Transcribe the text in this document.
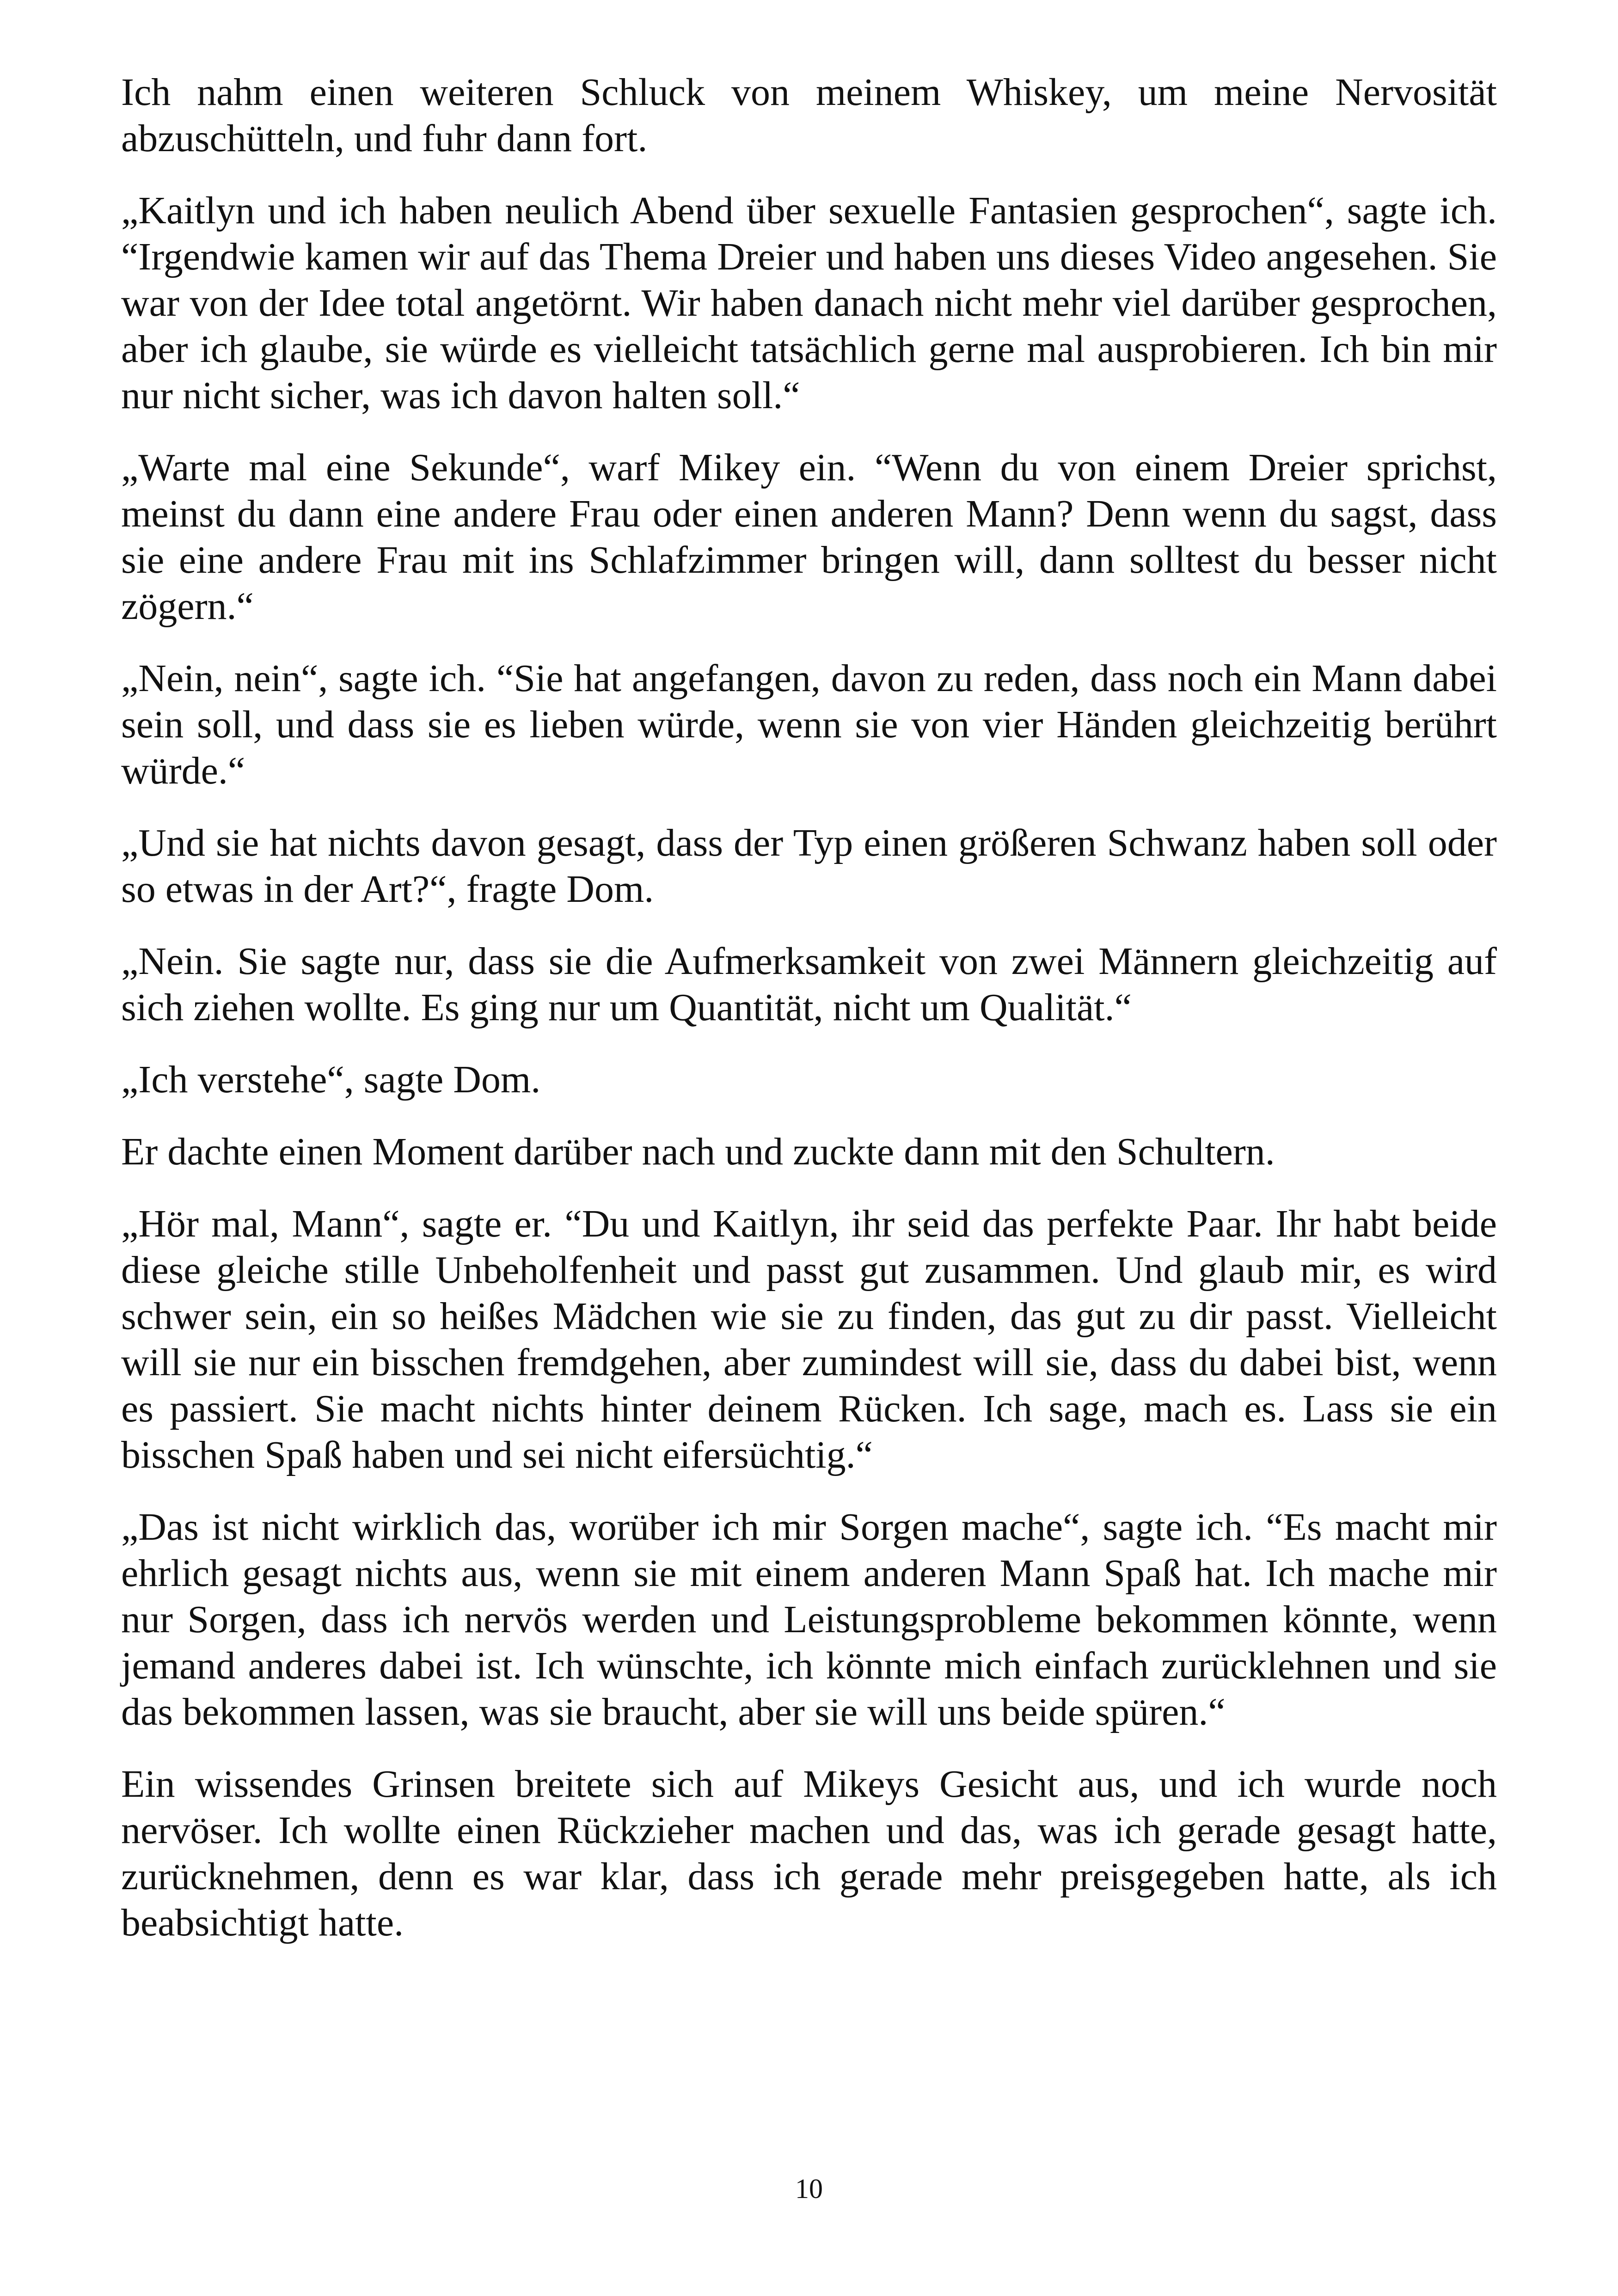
Ich nahm einen weiteren Schluck von meinem Whiskey, um meine Nervosität abzuschütteln, und fuhr dann fort.

„Kaitlyn und ich haben neulich Abend über sexuelle Fantasien gesprochen“, sagte ich. “Irgendwie kamen wir auf das Thema Dreier und haben uns dieses Video angesehen. Sie war von der Idee total angetörnt. Wir haben danach nicht mehr viel darüber gesprochen, aber ich glaube, sie würde es vielleicht tatsächlich gerne mal ausprobieren. Ich bin mir nur nicht sicher, was ich davon halten soll.“

„Warte mal eine Sekunde“, warf Mikey ein. “Wenn du von einem Dreier sprichst, meinst du dann eine andere Frau oder einen anderen Mann? Denn wenn du sagst, dass sie eine andere Frau mit ins Schlafzimmer bringen will, dann solltest du besser nicht zögern.“

„Nein, nein“, sagte ich. “Sie hat angefangen, davon zu reden, dass noch ein Mann dabei sein soll, und dass sie es lieben würde, wenn sie von vier Händen gleichzeitig berührt würde.“

„Und sie hat nichts davon gesagt, dass der Typ einen größeren Schwanz haben soll oder so etwas in der Art?“, fragte Dom.

„Nein. Sie sagte nur, dass sie die Aufmerksamkeit von zwei Männern gleichzeitig auf sich ziehen wollte. Es ging nur um Quantität, nicht um Qualität.“

„Ich verstehe“, sagte Dom.

Er dachte einen Moment darüber nach und zuckte dann mit den Schultern.

„Hör mal, Mann“, sagte er. “Du und Kaitlyn, ihr seid das perfekte Paar. Ihr habt beide diese gleiche stille Unbeholfenheit und passt gut zusammen. Und glaub mir, es wird schwer sein, ein so heißes Mädchen wie sie zu finden, das gut zu dir passt. Vielleicht will sie nur ein bisschen fremdgehen, aber zumindest will sie, dass du dabei bist, wenn es passiert. Sie macht nichts hinter deinem Rücken. Ich sage, mach es. Lass sie ein bisschen Spaß haben und sei nicht eifersüchtig.“

„Das ist nicht wirklich das, worüber ich mir Sorgen mache“, sagte ich. “Es macht mir ehrlich gesagt nichts aus, wenn sie mit einem anderen Mann Spaß hat. Ich mache mir nur Sorgen, dass ich nervös werden und Leistungsprobleme bekommen könnte, wenn jemand anderes dabei ist. Ich wünschte, ich könnte mich einfach zurücklehnen und sie das bekommen lassen, was sie braucht, aber sie will uns beide spüren.“

Ein wissendes Grinsen breitete sich auf Mikeys Gesicht aus, und ich wurde noch nervöser. Ich wollte einen Rückzieher machen und das, was ich gerade gesagt hatte, zurücknehmen, denn es war klar, dass ich gerade mehr preisgegeben hatte, als ich beabsichtigt hatte.

10
